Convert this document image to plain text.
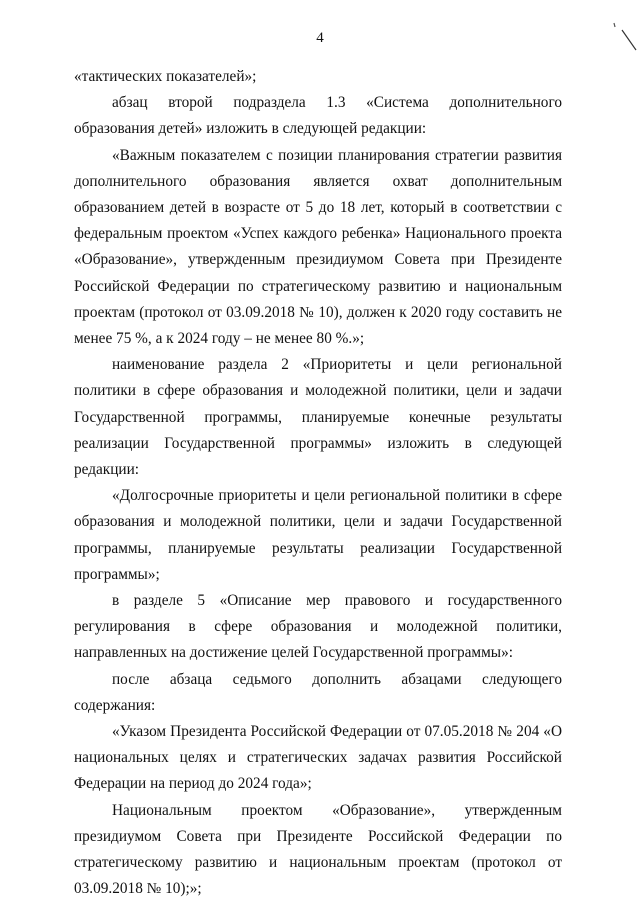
4

«тактических показателей»;

абзац второй подраздела 1.3 «Система дополнительного образования детей» изложить в следующей редакции:

«Важным показателем с позиции планирования стратегии развития дополнительного образования является охват дополнительным образованием детей в возрасте от 5 до 18 лет, который в соответствии с федеральным проектом «Успех каждого ребенка» Национального проекта «Образование», утвержденным президиумом Совета при Президенте Российской Федерации по стратегическому развитию и национальным проектам (протокол от 03.09.2018 № 10), должен к 2020 году составить не менее 75 %, а к 2024 году – не менее 80 %.»;

наименование раздела 2 «Приоритеты и цели региональной политики в сфере образования и молодежной политики, цели и задачи Государственной программы, планируемые конечные результаты реализации Государственной программы» изложить в следующей редакции:

«Долгосрочные приоритеты и цели региональной политики в сфере образования и молодежной политики, цели и задачи Государственной программы, планируемые результаты реализации Государственной программы»;

в разделе 5 «Описание мер правового и государственного регулирования в сфере образования и молодежной политики, направленных на достижение целей Государственной программы»:

после абзаца седьмого дополнить абзацами следующего содержания:

«Указом Президента Российской Федерации от 07.05.2018 № 204 «О национальных целях и стратегических задачах развития Российской Федерации на период до 2024 года»;

Национальным проектом «Образование», утвержденным президиумом Совета при Президенте Российской Федерации по стратегическому развитию и национальным проектам (протокол от 03.09.2018 № 10);»;
